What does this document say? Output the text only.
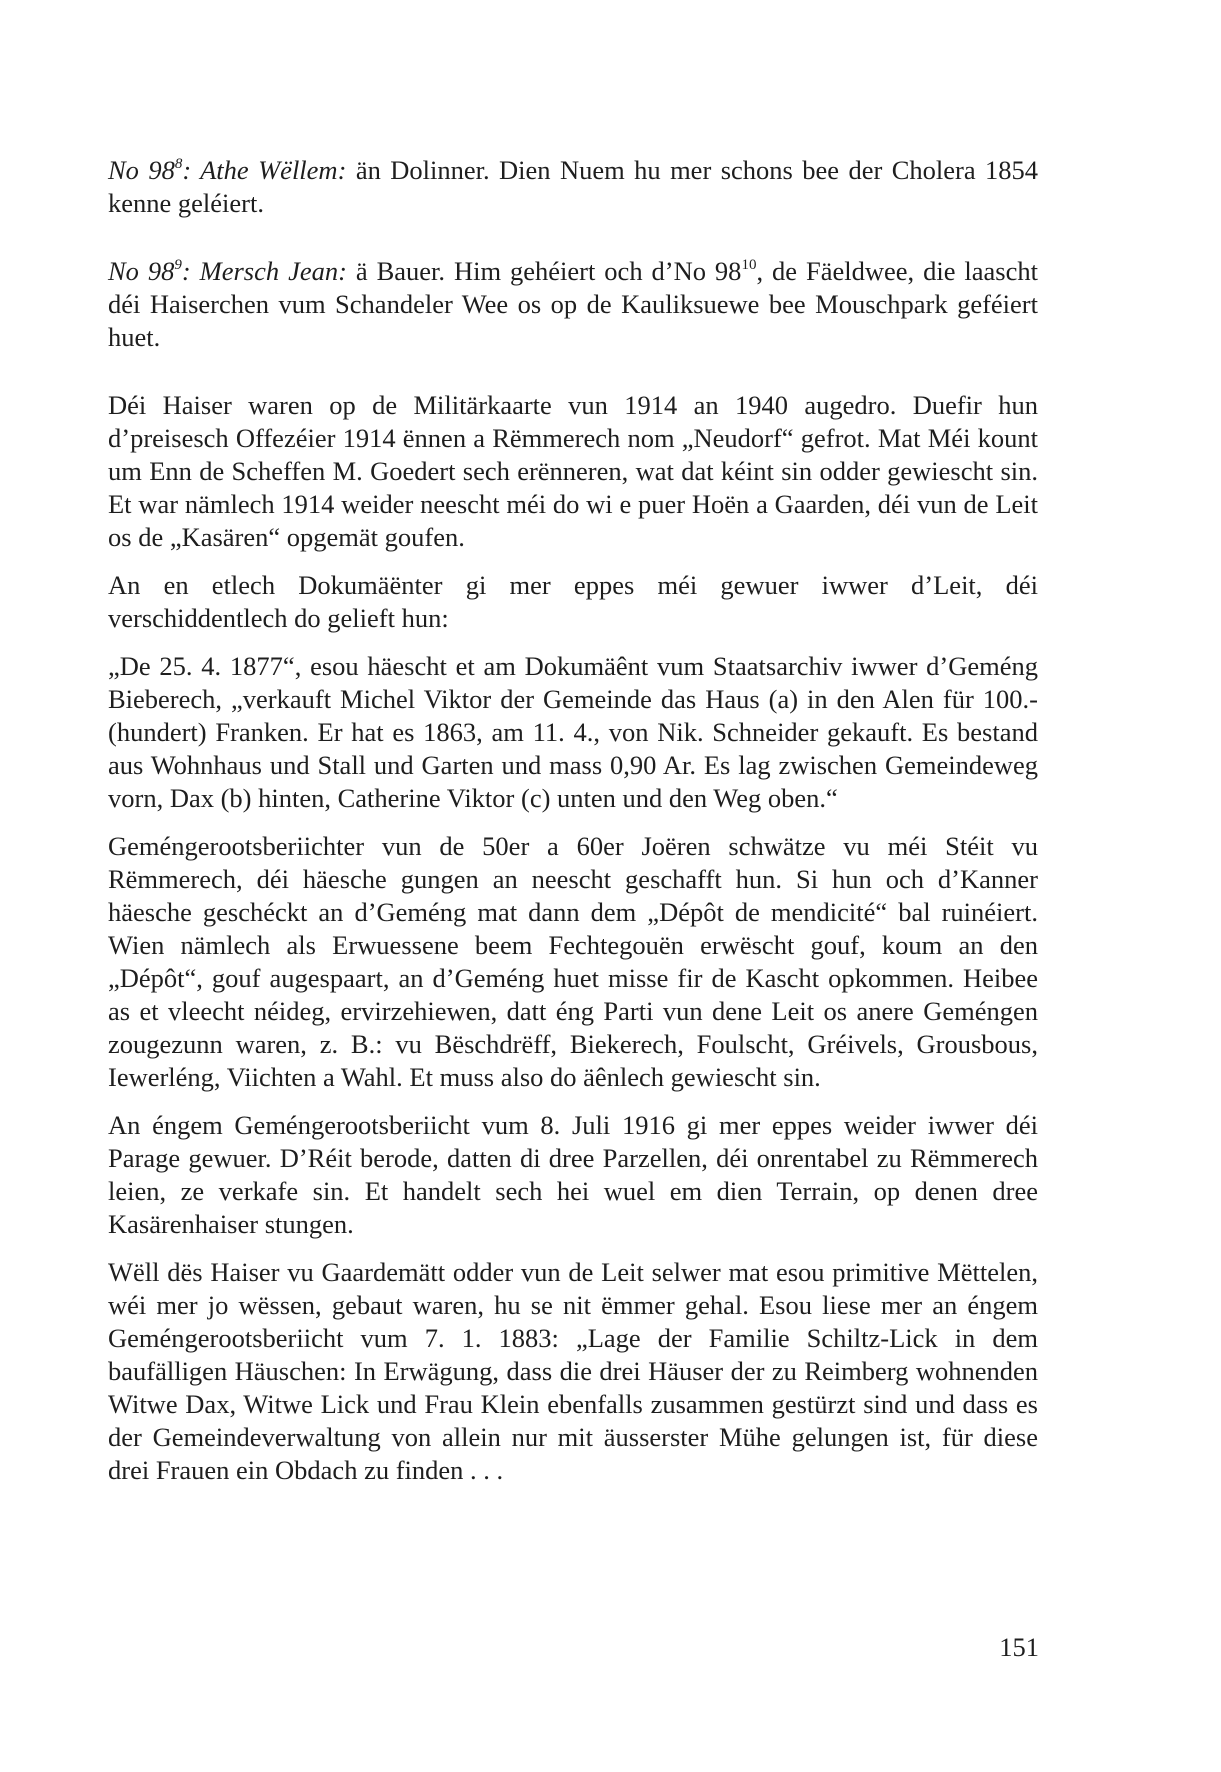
No $98^8$: Athe Wëllem: än Dolinner. Dien Nuem hu mer schons bee der Cholera 1854 kenne geléiert.

No $98^9$: Mersch Jean: ä Bauer. Him gehéiert och d’No $98^{10}$, de Fäeldwee, die laascht déi Haiserchen vum Schandeler Wee os op de Kauliksuewe bee Mouschpark geféiert huet.

Déi Haiser waren op de Militärkaarte vun 1914 an 1940 augedro. Duefir hun d’preisesch Offezéier 1914 ënnen a Rëmmerech nom „Neudorf“ gefrot. Mat Méi kount um Enn de Scheffen M. Goedert sech erënneren, wat dat kéint sin odder gewiescht sin. Et war nämlech 1914 weider neescht méi do wi e puer Hoën a Gaarden, déi vun de Leit os de „Kasären“ opgemät goufen.

An en etlech Dokumäënter gi mer eppes méi gewuer iwwer d’Leit, déi verschiddentlech do gelieft hun:

„De 25. 4. 1877“, esou häescht et am Dokumäênt vum Staatsarchiv iwwer d’Geméng Bieberech, „verkauft Michel Viktor der Gemeinde das Haus (a) in den Alen für 100.- (hundert) Franken. Er hat es 1863, am 11. 4., von Nik. Schneider gekauft. Es bestand aus Wohnhaus und Stall und Garten und mass 0,90 Ar. Es lag zwischen Gemeindeweg vorn, Dax (b) hinten, Catherine Viktor (c) unten und den Weg oben.“

Geméngerootsberiichter vun de 50er a 60er Joëren schwätze vu méi Stéit vu Rëmmerech, déi häesche gungen an neescht geschafft hun. Si hun och d’Kanner häesche geschéckt an d’Geméng mat dann dem „Dépôt de mendicité“ bal ruinéiert. Wien nämlech als Erwuessene beem Fechtegouën erwëscht gouf, koum an den „Dépôt“, gouf augespaart, an d’Geméng huet misse fir de Kascht opkommen. Heibee as et vleecht néideg, ervirzehiewen, datt éng Parti vun dene Leit os anere Geméngen zougezunn waren, z. B.: vu Bëschdrëff, Biekerech, Foulscht, Gréivels, Grousbous, Iewerléng, Viichten a Wahl. Et muss also do äênlech gewiescht sin.

An éngem Geméngerootsberiicht vum 8. Juli 1916 gi mer eppes weider iwwer déi Parage gewuer. D’Réit berode, datten di dree Parzellen, déi onrentabel zu Rëmmerech leien, ze verkafe sin. Et handelt sech hei wuel em dien Terrain, op denen dree Kasärenhaiser stungen.

Wëll dës Haiser vu Gaardemätt odder vun de Leit selwer mat esou primitive Mëttelen, wéi mer jo wëssen, gebaut waren, hu se nit ëmmer gehal. Esou liese mer an éngem Geméngerootsberiicht vum 7. 1. 1883: „Lage der Familie Schiltz-Lick in dem baufälligen Häuschen: In Erwägung, dass die drei Häuser der zu Reimberg wohnenden Witwe Dax, Witwe Lick und Frau Klein ebenfalls zusammen gestürzt sind und dass es der Gemeindeverwaltung von allein nur mit äusserster Mühe gelungen ist, für diese drei Frauen ein Obdach zu finden . . .

151
